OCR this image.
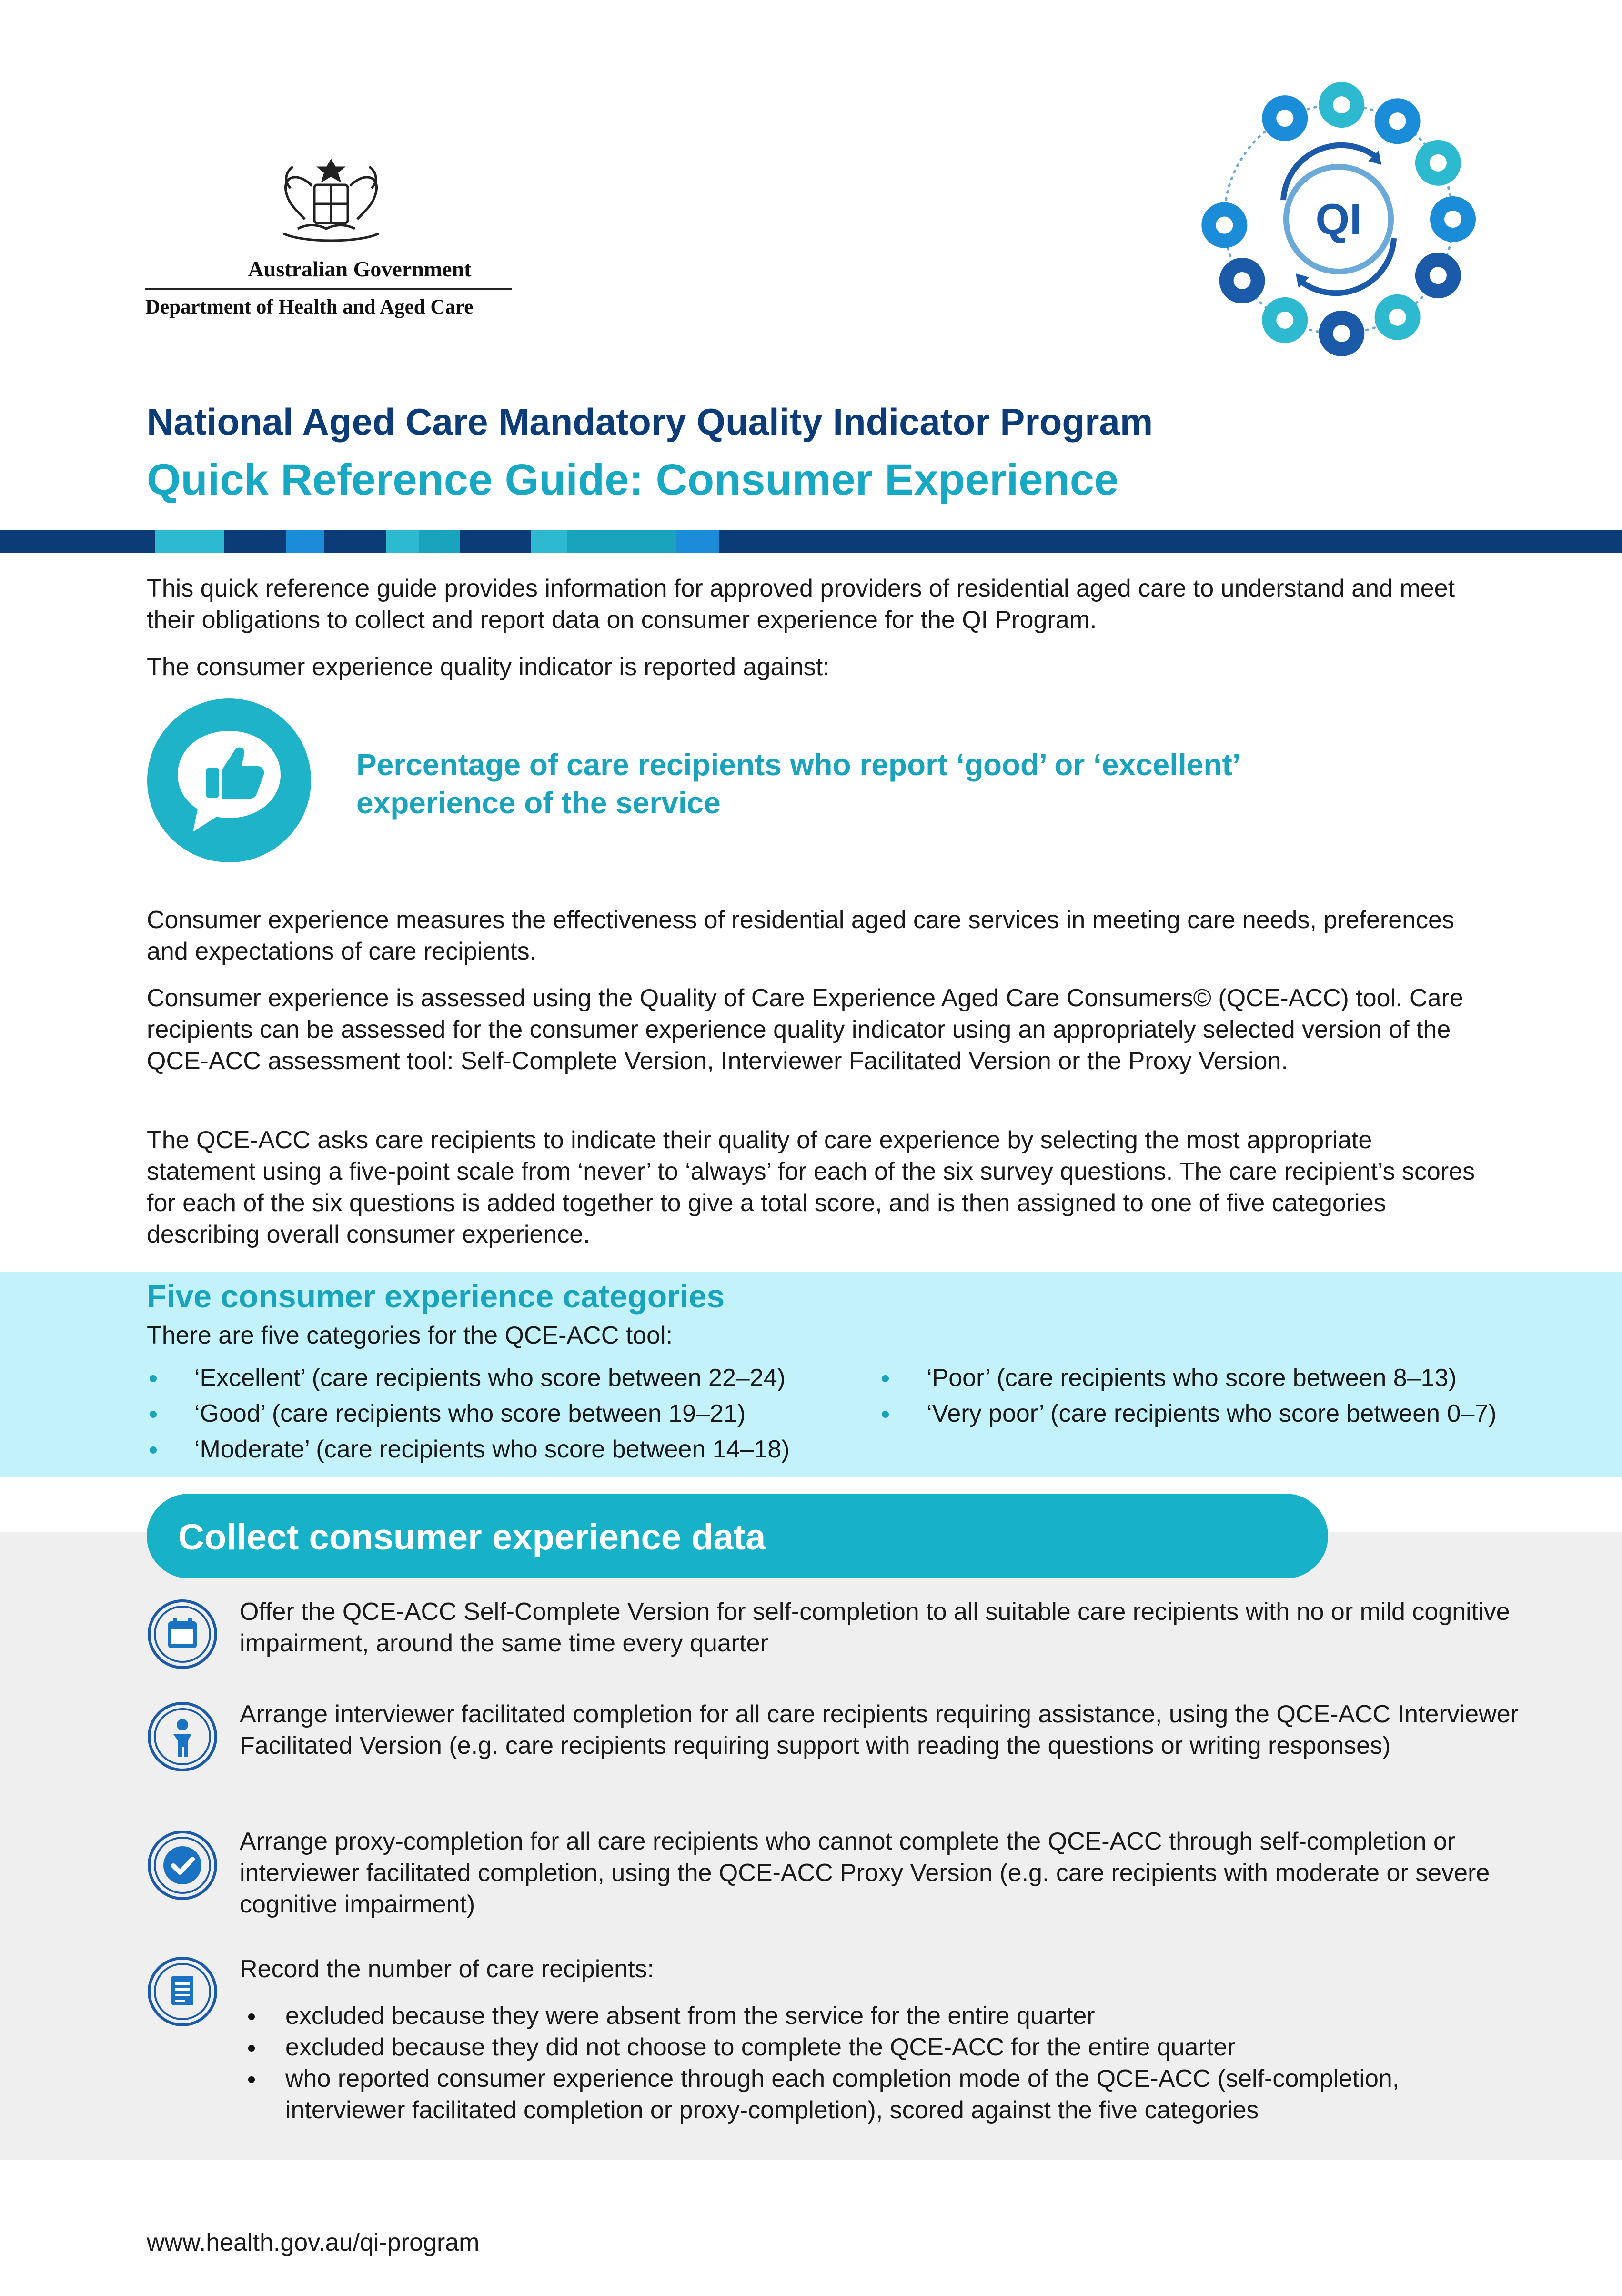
Australian Government
Department of Health and Aged Care
QI
National Aged Care Mandatory Quality Indicator Program
Quick Reference Guide: Consumer Experience

This quick reference guide provides information for approved providers of residential aged care to understand and meet their obligations to collect and report data on consumer experience for the QI Program.

The consumer experience quality indicator is reported against:

Percentage of care recipients who report ‘good’ or ‘excellent’
experience of the service

Consumer experience measures the effectiveness of residential aged care services in meeting care needs, preferences and expectations of care recipients.

Consumer experience is assessed using the Quality of Care Experience Aged Care Consumers© (QCE-ACC) tool. Care recipients can be assessed for the consumer experience quality indicator using an appropriately selected version of the QCE-ACC assessment tool: Self-Complete Version, Interviewer Facilitated Version or the Proxy Version.

The QCE-ACC asks care recipients to indicate their quality of care experience by selecting the most appropriate statement using a five-point scale from ‘never’ to ‘always’ for each of the six survey questions. The care recipient’s scores for each of the six questions is added together to give a total score, and is then assigned to one of five categories describing overall consumer experience.

Five consumer experience categories
There are five categories for the QCE-ACC tool:
‘Excellent’ (care recipients who score between 22–24)
‘Good’ (care recipients who score between 19–21)
‘Moderate’ (care recipients who score between 14–18)
‘Poor’ (care recipients who score between 8–13)
‘Very poor’ (care recipients who score between 0–7)
Collect consumer experience data

Offer the QCE-ACC Self-Complete Version for self-completion to all suitable care recipients with no or mild cognitive impairment, around the same time every quarter

Arrange interviewer facilitated completion for all care recipients requiring assistance, using the QCE-ACC Interviewer Facilitated Version (e.g. care recipients requiring support with reading the questions or writing responses)

Arrange proxy-completion for all care recipients who cannot complete the QCE-ACC through self-completion or interviewer facilitated completion, using the QCE-ACC Proxy Version (e.g. care recipients with moderate or severe cognitive impairment)

Record the number of care recipients:

excluded because they were absent from the service for the entire quarter
excluded because they did not choose to complete the QCE-ACC for the entire quarter
who reported consumer experience through each completion mode of the QCE-ACC (self-completion, interviewer facilitated completion or proxy-completion), scored against the five categories
www.health.gov.au/qi-program
